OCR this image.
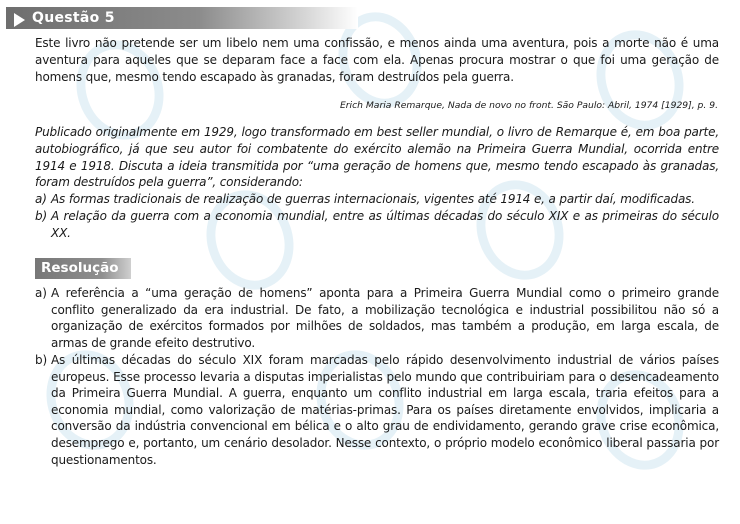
Questão 5
Este livro não pretende ser um libelo nem uma confissão, e menos ainda uma aventura, pois a morte não é uma aventura para aqueles que se deparam face a face com ela. Apenas procura mostrar o que foi uma geração de homens que, mesmo tendo escapado às granadas, foram destruídos pela guerra.
Erich Maria Remarque, Nada de novo no front. São Paulo: Abril, 1974 [1929], p. 9.
Publicado originalmente em 1929, logo transformado em best seller mundial, o livro de Remarque é, em boa parte, autobiográfico, já que seu autor foi combatente do exército alemão na Primeira Guerra Mundial, ocorrida entre 1914 e 1918. Discuta a ideia transmitida por “uma geração de homens que, mesmo tendo escapado às granadas, foram destruídos pela guerra”, considerando:
a) As formas tradicionais de realização de guerras internacionais, vigentes até 1914 e, a partir daí, modificadas.
b) A relação da guerra com a economia mundial, entre as últimas décadas do século XIX e as primeiras do século XX.
Resolução
a) A referência a “uma geração de homens” aponta para a Primeira Guerra Mundial como o primeiro grande conflito generalizado da era industrial. De fato, a mobilização tecnológica e industrial possibilitou não só a organização de exércitos formados por milhões de soldados, mas também a produção, em larga escala, de armas de grande efeito destrutivo.
b) As últimas décadas do século XIX foram marcadas pelo rápido desenvolvimento industrial de vários países europeus. Esse processo levaria a disputas imperialistas pelo mundo que contribuiriam para o desencadeamento da Primeira Guerra Mundial. A guerra, enquanto um conflito industrial em larga escala, traria efeitos para a economia mundial, como valorização de matérias-primas. Para os países diretamente envolvidos, implicaria a conversão da indústria convencional em bélica e o alto grau de endividamento, gerando grave crise econômica, desemprego e, portanto, um cenário desolador. Nesse contexto, o próprio modelo econômico liberal passaria por questionamentos.
